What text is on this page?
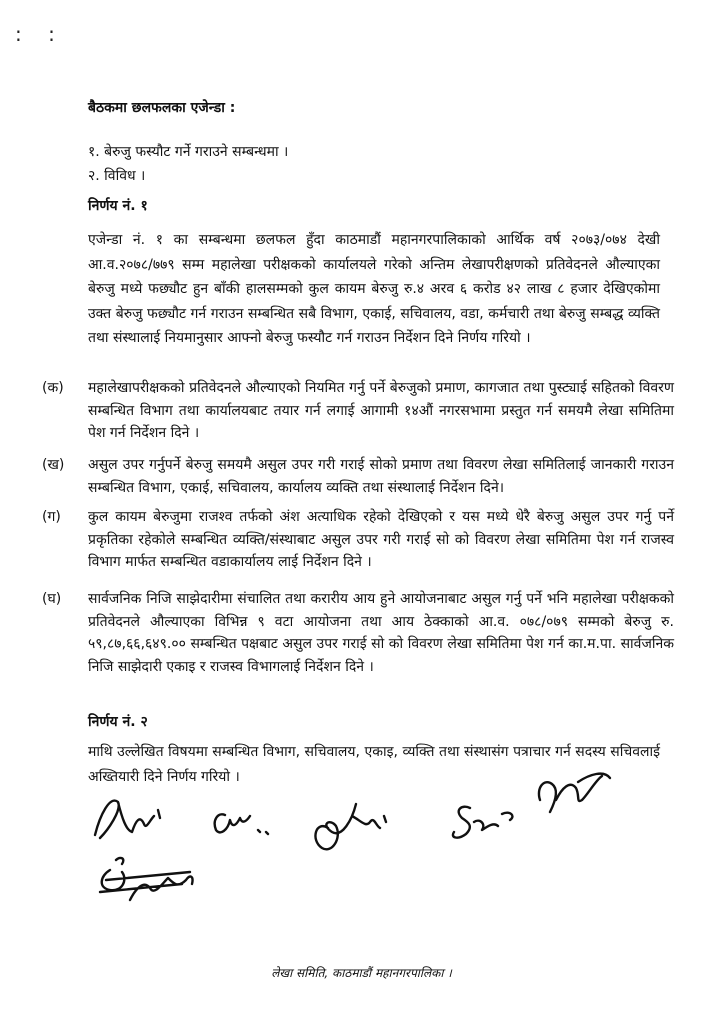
: :
बैठकमा छलफलका एजेन्डा :
१. बेरुजु फस्यौट गर्ने गराउने सम्बन्धमा ।
२. विविध ।
निर्णय नं. १
एजेन्डा नं. १ का सम्बन्धमा छलफल हुँदा काठमाडौं महानगरपालिकाको आर्थिक वर्ष २०७३/०७४ देखी आ.व.२०७८/७७९ सम्म महालेखा परीक्षकको कार्यालयले गरेको अन्तिम लेखापरीक्षणको प्रतिवेदनले औल्याएका बेरुजु मध्ये फछ्यौट हुन बाँकी हालसम्मको कुल कायम बेरुजु रु.४ अरव ६ करोड ४२ लाख ८ हजार देखिएकोमा उक्त बेरुजु फछ्यौट गर्न गराउन सम्बन्धित सबै विभाग, एकाई, सचिवालय, वडा, कर्मचारी तथा बेरुजु सम्बद्ध व्यक्ति तथा संस्थालाई नियमानुसार आफ्नो बेरुजु फस्यौट गर्न गराउन निर्देशन दिने निर्णय गरियो ।
(क)	महालेखापरीक्षकको प्रतिवेदनले औल्याएको नियमित गर्नु पर्ने बेरुजुको प्रमाण, कागजात तथा पुस्ट्याई सहितको विवरण सम्बन्धित विभाग तथा कार्यालयबाट तयार गर्न लगाई आगामी १४औं नगरसभामा प्रस्तुत गर्न समयमै लेखा समितिमा पेश गर्न निर्देशन दिने ।
(ख)	असुल उपर गर्नुपर्ने बेरुजु समयमै असुल उपर गरी गराई सोको प्रमाण तथा विवरण लेखा समितिलाई जानकारी गराउन सम्बन्धित विभाग, एकाई, सचिवालय, कार्यालय व्यक्ति तथा संस्थालाई निर्देशन दिने।
(ग)	कुल कायम बेरुजुमा राजश्व तर्फको अंश अत्याधिक रहेको देखिएको र यस मध्ये धेरै बेरुजु असुल उपर गर्नु पर्ने प्रकृतिका रहेकोले सम्बन्धित व्यक्ति/संस्थाबाट असुल उपर गरी गराई सो को विवरण लेखा समितिमा पेश गर्न राजस्व विभाग मार्फत सम्बन्धित वडाकार्यालय लाई निर्देशन दिने ।
(घ)	सार्वजनिक निजि साझेदारीमा संचालित तथा करारीय आय हुने आयोजनाबाट असुल गर्नु पर्ने भनि महालेखा परीक्षकको प्रतिवेदनले औल्याएका विभिन्न ९ वटा आयोजना तथा आय ठेक्काको आ.व. ०७८/०७९ सम्मको बेरुजु रु. ५९,८७,६६,६४९.०० सम्बन्धित पक्षबाट असुल उपर गराई सो को विवरण लेखा समितिमा पेश गर्न का.म.पा. सार्वजनिक निजि साझेदारी एकाइ र राजस्व विभागलाई निर्देशन दिने ।
निर्णय नं. २
माथि उल्लेखित विषयमा सम्बन्धित विभाग, सचिवालय, एकाइ, व्यक्ति तथा संस्थासंग पत्राचार गर्न सदस्य सचिवलाई अख्तियारी दिने निर्णय गरियो ।
लेखा समिति, काठमाडौं महानगरपालिका ।
